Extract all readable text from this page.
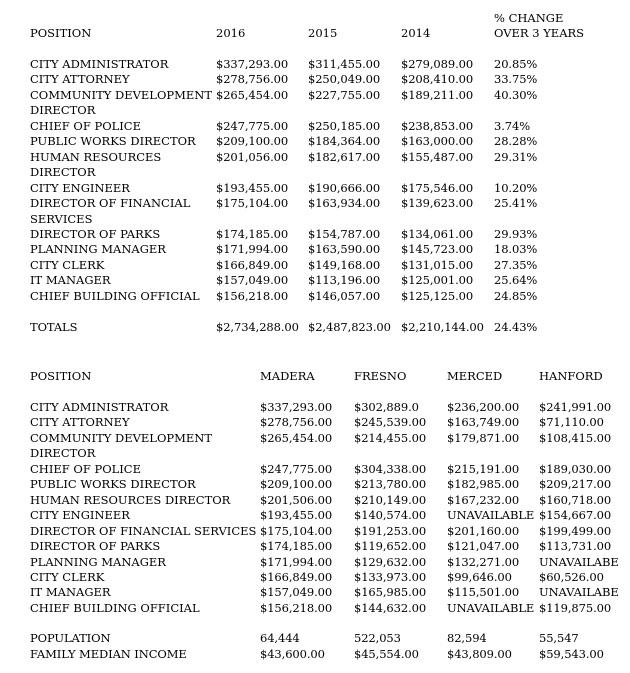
POSITION	2016	2015	2014
% CHANGE
OVER 3 YEARS
CITY ADMINISTRATOR	$337,293.00 $311,455.00 $279,089.00 20.85%
CITY ATTORNEY	$278,756.00 $250,049.00 $208,410.00 33.75%
COMMUNITY DEVELOPMENT $265,454.00 $227,755.00 $189,211.00 40.30%
DIRECTOR
CHIEF OF POLICE	$247,775.00 $250,185.00 $238,853.00 3.74%
PUBLIC WORKS DIRECTOR $209,100.00 $184,364.00 $163,000.00 28.28%
HUMAN RESOURCES	$201,056.00 $182,617.00 $155,487.00 29.31%
DIRECTOR
CITY ENGINEER	$193,455.00 $190,666.00 $175,546.00 10.20%
DIRECTOR OF FINANCIAL $175,104.00 $163,934.00 $139,623.00 25.41%
SERVICES
DIRECTOR OF PARKS	$174,185.00 $154,787.00 $134,061.00 29.93%
PLANNING MANAGER	$171,994.00 $163,590.00 $145,723.00 18.03%
CITY CLERK	$166,849.00 $149,168.00 $131,015.00 27.35%
IT MANAGER	$157,049.00 $113,196.00 $125,001.00 25.64%
CHIEF BUILDING OFFICIAL $156,218.00 $146,057.00 $125,125.00 24.85%
TOTALS	$2,734,288.00 $2,487,823.00 $2,210,144.00 24.43%
POSITION	MADERA	FRESNO	MERCED	HANFORD
CITY ADMINISTRATOR	$337,293.00 $302,889.0 $236,200.00 $241,991.00
CITY ATTORNEY	$278,756.00 $245,539.00 $163,749.00 $71,110.00
COMMUNITY DEVELOPMENT	$265,454.00 $214,455.00 $179,871.00 $108,415.00
DIRECTOR
CHIEF OF POLICE	$247,775.00 $304,338.00 $215,191.00 $189,030.00
PUBLIC WORKS DIRECTOR	$209,100.00 $213,780.00 $182,985.00 $209,217.00
HUMAN RESOURCES DIRECTOR	$201,506.00 $210,149.00 $167,232.00 $160,718.00
CITY ENGINEER	$193,455.00 $140,574.00 UNAVAILABLE $154,667.00
DIRECTOR OF FINANCIAL SERVICES $175,104.00 $191,253.00 $201,160.00 $199,499.00
DIRECTOR OF PARKS	$174,185.00 $119,652.00 $121,047.00 $113,731.00
PLANNING MANAGER	$171,994.00 $129,632.00 $132,271.00 UNAVAILABE
CITY CLERK	$166,849.00 $133,973.00 $99,646.00 $60,526.00
IT MANAGER	$157,049.00 $165,985.00 $115,501.00 UNAVAILABE
CHIEF BUILDING OFFICIAL	$156,218.00 $144,632.00 UNAVAILABLE $119,875.00
POPULATION	64,444	522,053	82,594	55,547
FAMILY MEDIAN INCOME	$43,600.00	$45,554.00 $43,809.00 $59,543.00
